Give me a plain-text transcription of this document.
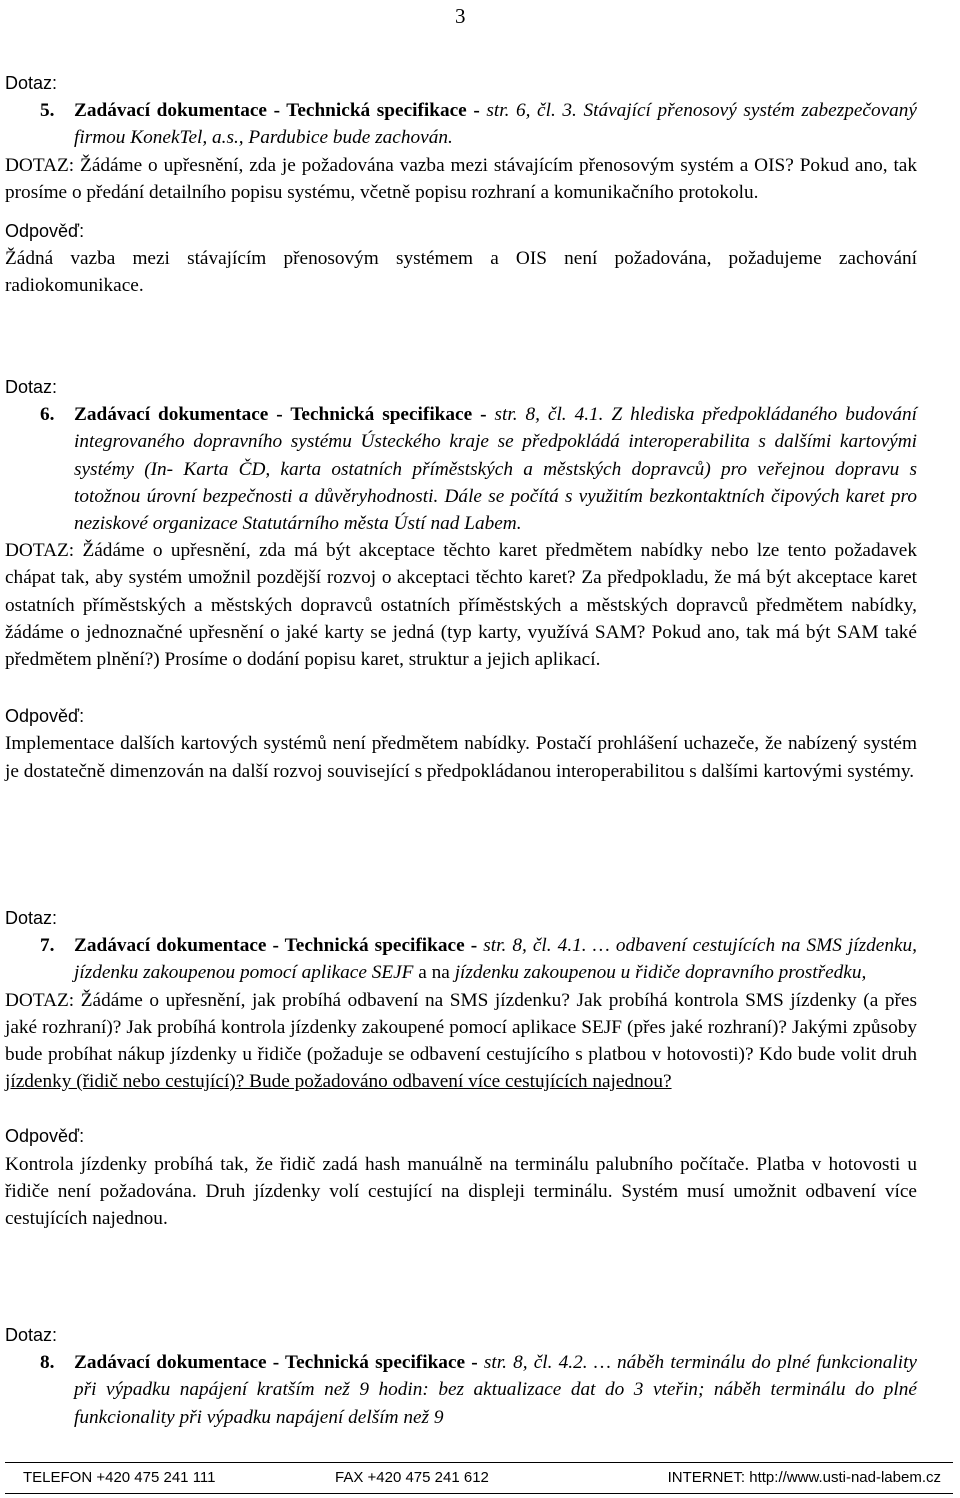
3
Dotaz:
5.	Zadávací dokumentace - Technická specifikace - str. 6, čl. 3. Stávající přenosový systém zabezpečovaný firmou KonekTel, a.s., Pardubice bude zachován.
DOTAZ: Žádáme o upřesnění, zda je požadována vazba mezi stávajícím přenosovým systém a OIS? Pokud ano, tak prosíme o předání detailního popisu systému, včetně popisu rozhraní a komunikačního protokolu.
Odpověď:
Žádná vazba mezi stávajícím přenosovým systémem a OIS není požadována, požadujeme zachování radiokomunikace.
Dotaz:
6.	Zadávací dokumentace - Technická specifikace - str. 8, čl. 4.1. Z hlediska předpokládaného budování integrovaného dopravního systému Ústeckého kraje se předpokládá interoperabilita s dalšími kartovými systémy (In- Karta ČD, karta ostatních příměstských a městských dopravců) pro veřejnou dopravu s totožnou úrovní bezpečnosti a důvěryhodnosti. Dále se počítá s využitím bezkontaktních čipových karet pro neziskové organizace Statutárního města Ústí nad Labem.
DOTAZ: Žádáme o upřesnění, zda má být akceptace těchto karet předmětem nabídky nebo lze tento požadavek chápat tak, aby systém umožnil pozdější rozvoj o akceptaci těchto karet? Za předpokladu, že má být akceptace karet ostatních příměstských a městských dopravců ostatních příměstských a městských dopravců předmětem nabídky, žádáme o jednoznačné upřesnění o jaké karty se jedná (typ karty, využívá SAM? Pokud ano, tak má být SAM také předmětem plnění?) Prosíme o dodání popisu karet, struktur a jejich aplikací.
Odpověď:
Implementace dalších kartových systémů není předmětem nabídky. Postačí prohlášení uchazeče, že nabízený systém je dostatečně dimenzován na další rozvoj související s předpokládanou interoperabilitou s dalšími kartovými systémy.
Dotaz:
7.	Zadávací dokumentace - Technická specifikace - str. 8, čl. 4.1. … odbavení cestujících na SMS jízdenku, jízdenku zakoupenou pomocí aplikace SEJF a na jízdenku zakoupenou u řidiče dopravního prostředku,
DOTAZ: Žádáme o upřesnění, jak probíhá odbavení na SMS jízdenku? Jak probíhá kontrola SMS jízdenky (a přes jaké rozhraní)? Jak probíhá kontrola jízdenky zakoupené pomocí aplikace SEJF (přes jaké rozhraní)? Jakými způsoby bude probíhat nákup jízdenky u řidiče (požaduje se odbavení cestujícího s platbou v hotovosti)? Kdo bude volit druh jízdenky (řidič nebo cestující)? Bude požadováno odbavení více cestujících najednou?
Odpověď:
Kontrola jízdenky probíhá tak, že řidič zadá hash manuálně na terminálu palubního počítače. Platba v hotovosti u řidiče není požadována. Druh jízdenky volí cestující na displeji terminálu. Systém musí umožnit odbavení více cestujících najednou.
Dotaz:
8.	Zadávací dokumentace - Technická specifikace - str. 8, čl. 4.2. … náběh terminálu do plné funkcionality při výpadku napájení kratším než 9 hodin: bez aktualizace dat do 3 vteřin; náběh terminálu do plné funkcionality při výpadku napájení delším než 9
TELEFON +420 475 241 111	FAX +420 475 241 612	INTERNET: http://www.usti-nad-labem.cz
